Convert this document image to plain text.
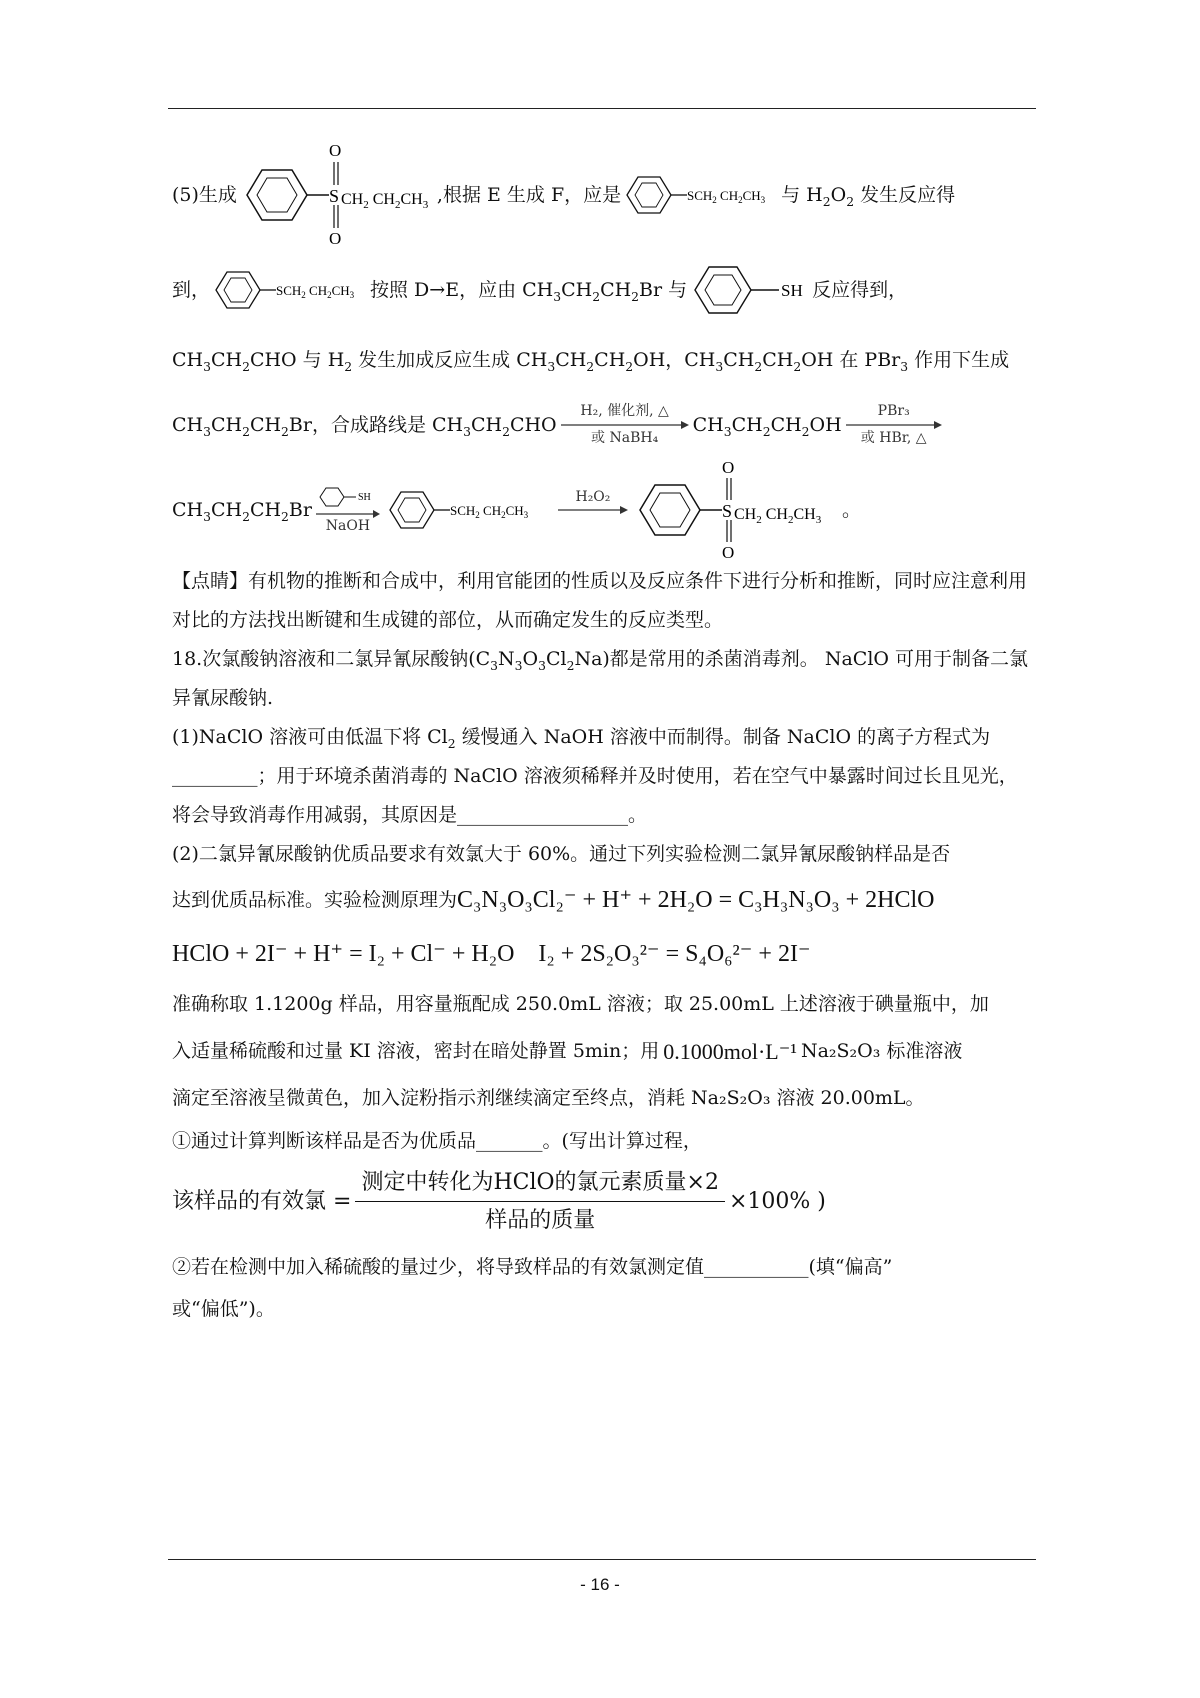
(5)生成
O
O
S $CH_2$ $CH_2CH_3$ ,根据 E 生成 F，应是	$SCH_2$ $CH_2CH_3$ 与 $H_2O_2$ 发生反应得
到，	$SCH_2$ $CH_2CH_3$ 按照 D→E，应由 $CH_3CH_2CH_2Br$ 与	SH 反应得到，
$CH_3CH_2CHO$ 与 $H_2$ 发生加成反应生成 $CH_3CH_2CH_2OH$，$CH_3CH_2CH_2OH$ 在 PBr$_3$ 作用下生成
$CH_3CH_2CH_2Br$，合成路线是 $CH_3CH_2CHO$
H₂, 催化剂, △
或 NaBH₄
$CH_3CH_2CH_2OH$
PBr₃
或 HBr, △
$CH_3CH_2CH_2Br$
SH
NaOH
$SCH_2$ $CH_2CH_3$
H₂O₂
O
O
S $CH_2$ $CH_2CH_3$ 。

【点睛】有机物的推断和合成中，利用官能团的性质以及反应条件下进行分析和推断，同时应注意利用对比的方法找出断键和生成键的部位，从而确定发生的反应类型。

18.次氯酸钠溶液和二氯异氰尿酸钠$(C_3N_3O_3Cl_2Na)$都是常用的杀菌消毒剂。 NaClO 可用于制备二氯异氰尿酸钠.

(1)NaClO 溶液可由低温下将 $Cl_2$ 缓慢通入 NaOH 溶液中而制得。制备 NaClO 的离子方程式为_________；用于环境杀菌消毒的 NaClO 溶液须稀释并及时使用，若在空气中暴露时间过长且见光，将会导致消毒作用减弱，其原因是__________________。

(2)二氯异氰尿酸钠优质品要求有效氯大于 60%。通过下列实验检测二氯异氰尿酸钠样品是否

达到优质品标准。实验检测原理为 C₃N₃O₃Cl₂⁻ + H⁺ + 2H₂O = C₃H₃N₃O₃ + 2HClO
HClO + 2I⁻ + H⁺ = I₂ + Cl⁻ + H₂O I₂ + 2S₂O₃²⁻ = S₄O₆²⁻ + 2I⁻

准确称取 1.1200g 样品，用容量瓶配成 250.0mL 溶液；取 25.00mL 上述溶液于碘量瓶中，加

入适量稀硫酸和过量 KI 溶液，密封在暗处静置 5min；用 0.1000mol·L⁻¹ Na₂S₂O₃ 标准溶液

滴定至溶液呈微黄色，加入淀粉指示剂继续滴定至终点，消耗 Na₂S₂O₃ 溶液 20.00mL。

①通过计算判断该样品是否为优质品_______。(写出计算过程，

该样品的有效氯 = $\frac{\text{测定中转化为HClO的氯元素质量×2}}{\text{样品的质量}} \times 100\%$ )

②若在检测中加入稀硫酸的量过少，将导致样品的有效氯测定值___________(填“偏高”

或“偏低”)。

- 16 -
